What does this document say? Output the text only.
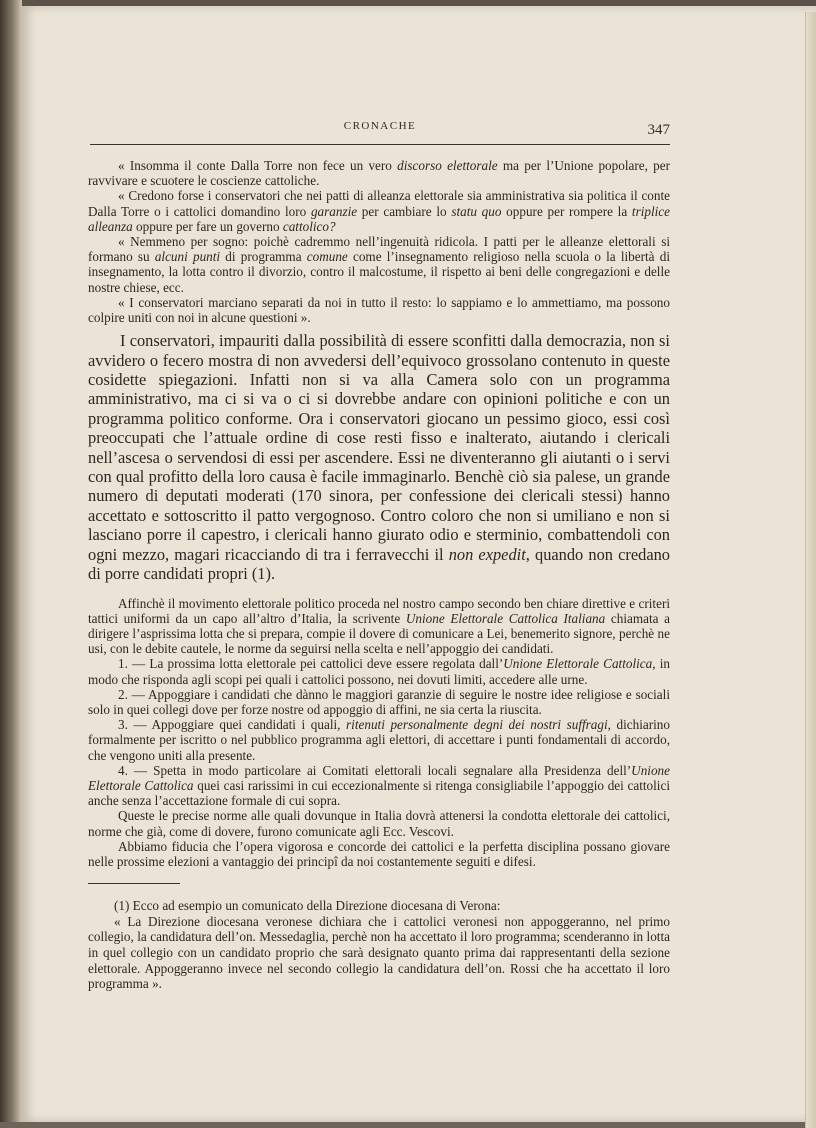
CRONACHE	347

« Insomma il conte Dalla Torre non fece un vero discorso elettorale ma per l’Unione popolare, per ravvivare e scuotere le coscienze cattoliche.

« Credono forse i conservatori che nei patti di alleanza elettorale sia amministrativa sia politica il conte Dalla Torre o i cattolici domandino loro garanzie per cambiare lo statu quo oppure per rompere la triplice alleanza oppure per fare un governo cattolico?

« Nemmeno per sogno: poichè cadremmo nell’ingenuità ridicola. I patti per le alleanze elettorali si formano su alcuni punti di programma comune come l’insegnamento religioso nella scuola o la libertà di insegnamento, la lotta contro il divorzio, contro il malcostume, il rispetto ai beni delle congregazioni e delle nostre chiese, ecc.

« I conservatori marciano separati da noi in tutto il resto: lo sappiamo e lo ammettiamo, ma possono colpire uniti con noi in alcune questioni ».

I conservatori, impauriti dalla possibilità di essere sconfitti dalla democrazia, non si avvidero o fecero mostra di non avvedersi dell’equivoco grossolano contenuto in queste cosidette spiegazioni. Infatti non si va alla Camera solo con un programma amministrativo, ma ci si va o ci si dovrebbe andare con opinioni politiche e con un programma politico conforme. Ora i conservatori giocano un pessimo gioco, essi così preoccupati che l’attuale ordine di cose resti fisso e inalterato, aiutando i clericali nell’ascesa o servendosi di essi per ascendere. Essi ne diventeranno gli aiutanti o i servi con qual profitto della loro causa è facile immaginarlo. Benchè ciò sia palese, un grande numero di deputati moderati (170 sinora, per confessione dei clericali stessi) hanno accettato e sottoscritto il patto vergognoso. Contro coloro che non si umiliano e non si lasciano porre il capestro, i clericali hanno giurato odio e sterminio, combattendoli con ogni mezzo, magari ricacciando di tra i ferravecchi il non expedit, quando non credano di porre candidati propri (1).

Affinchè il movimento elettorale politico proceda nel nostro campo secondo ben chiare direttive e criteri tattici uniformi da un capo all’altro d’Italia, la scrivente Unione Elettorale Cattolica Italiana chiamata a dirigere l’asprissima lotta che si prepara, compie il dovere di comunicare a Lei, benemerito signore, perchè ne usi, con le debite cautele, le norme da seguirsi nella scelta e nell’appoggio dei candidati.

1. — La prossima lotta elettorale pei cattolici deve essere regolata dall’Unione Elettorale Cattolica, in modo che risponda agli scopi pei quali i cattolici possono, nei dovuti limiti, accedere alle urne.

2. — Appoggiare i candidati che dànno le maggiori garanzie di seguire le nostre idee religiose e sociali solo in quei collegi dove per forze nostre od appoggio di affini, ne sia certa la riuscita.

3. — Appoggiare quei candidati i quali, ritenuti personalmente degni dei nostri suffragi, dichiarino formalmente per iscritto o nel pubblico programma agli elettori, di accettare i punti fondamentali di accordo, che vengono uniti alla presente.

4. — Spetta in modo particolare ai Comitati elettorali locali segnalare alla Presidenza dell’Unione Elettorale Cattolica quei casi rarissimi in cui eccezionalmente si ritenga consigliabile l’appoggio dei cattolici anche senza l’accettazione formale di cui sopra.

Queste le precise norme alle quali dovunque in Italia dovrà attenersi la condotta elettorale dei cattolici, norme che già, come di dovere, furono comunicate agli Ecc. Vescovi.

Abbiamo fiducia che l’opera vigorosa e concorde dei cattolici e la perfetta disciplina possano giovare nelle prossime elezioni a vantaggio dei principî da noi costantemente seguiti e difesi.

(1) Ecco ad esempio un comunicato della Direzione diocesana di Verona:

« La Direzione diocesana veronese dichiara che i cattolici veronesi non appoggeranno, nel primo collegio, la candidatura dell’on. Messedaglia, perchè non ha accettato il loro programma; scenderanno in lotta in quel collegio con un candidato proprio che sarà designato quanto prima dai rappresentanti della sezione elettorale. Appoggeranno invece nel secondo collegio la candidatura dell’on. Rossi che ha accettato il loro programma ».
